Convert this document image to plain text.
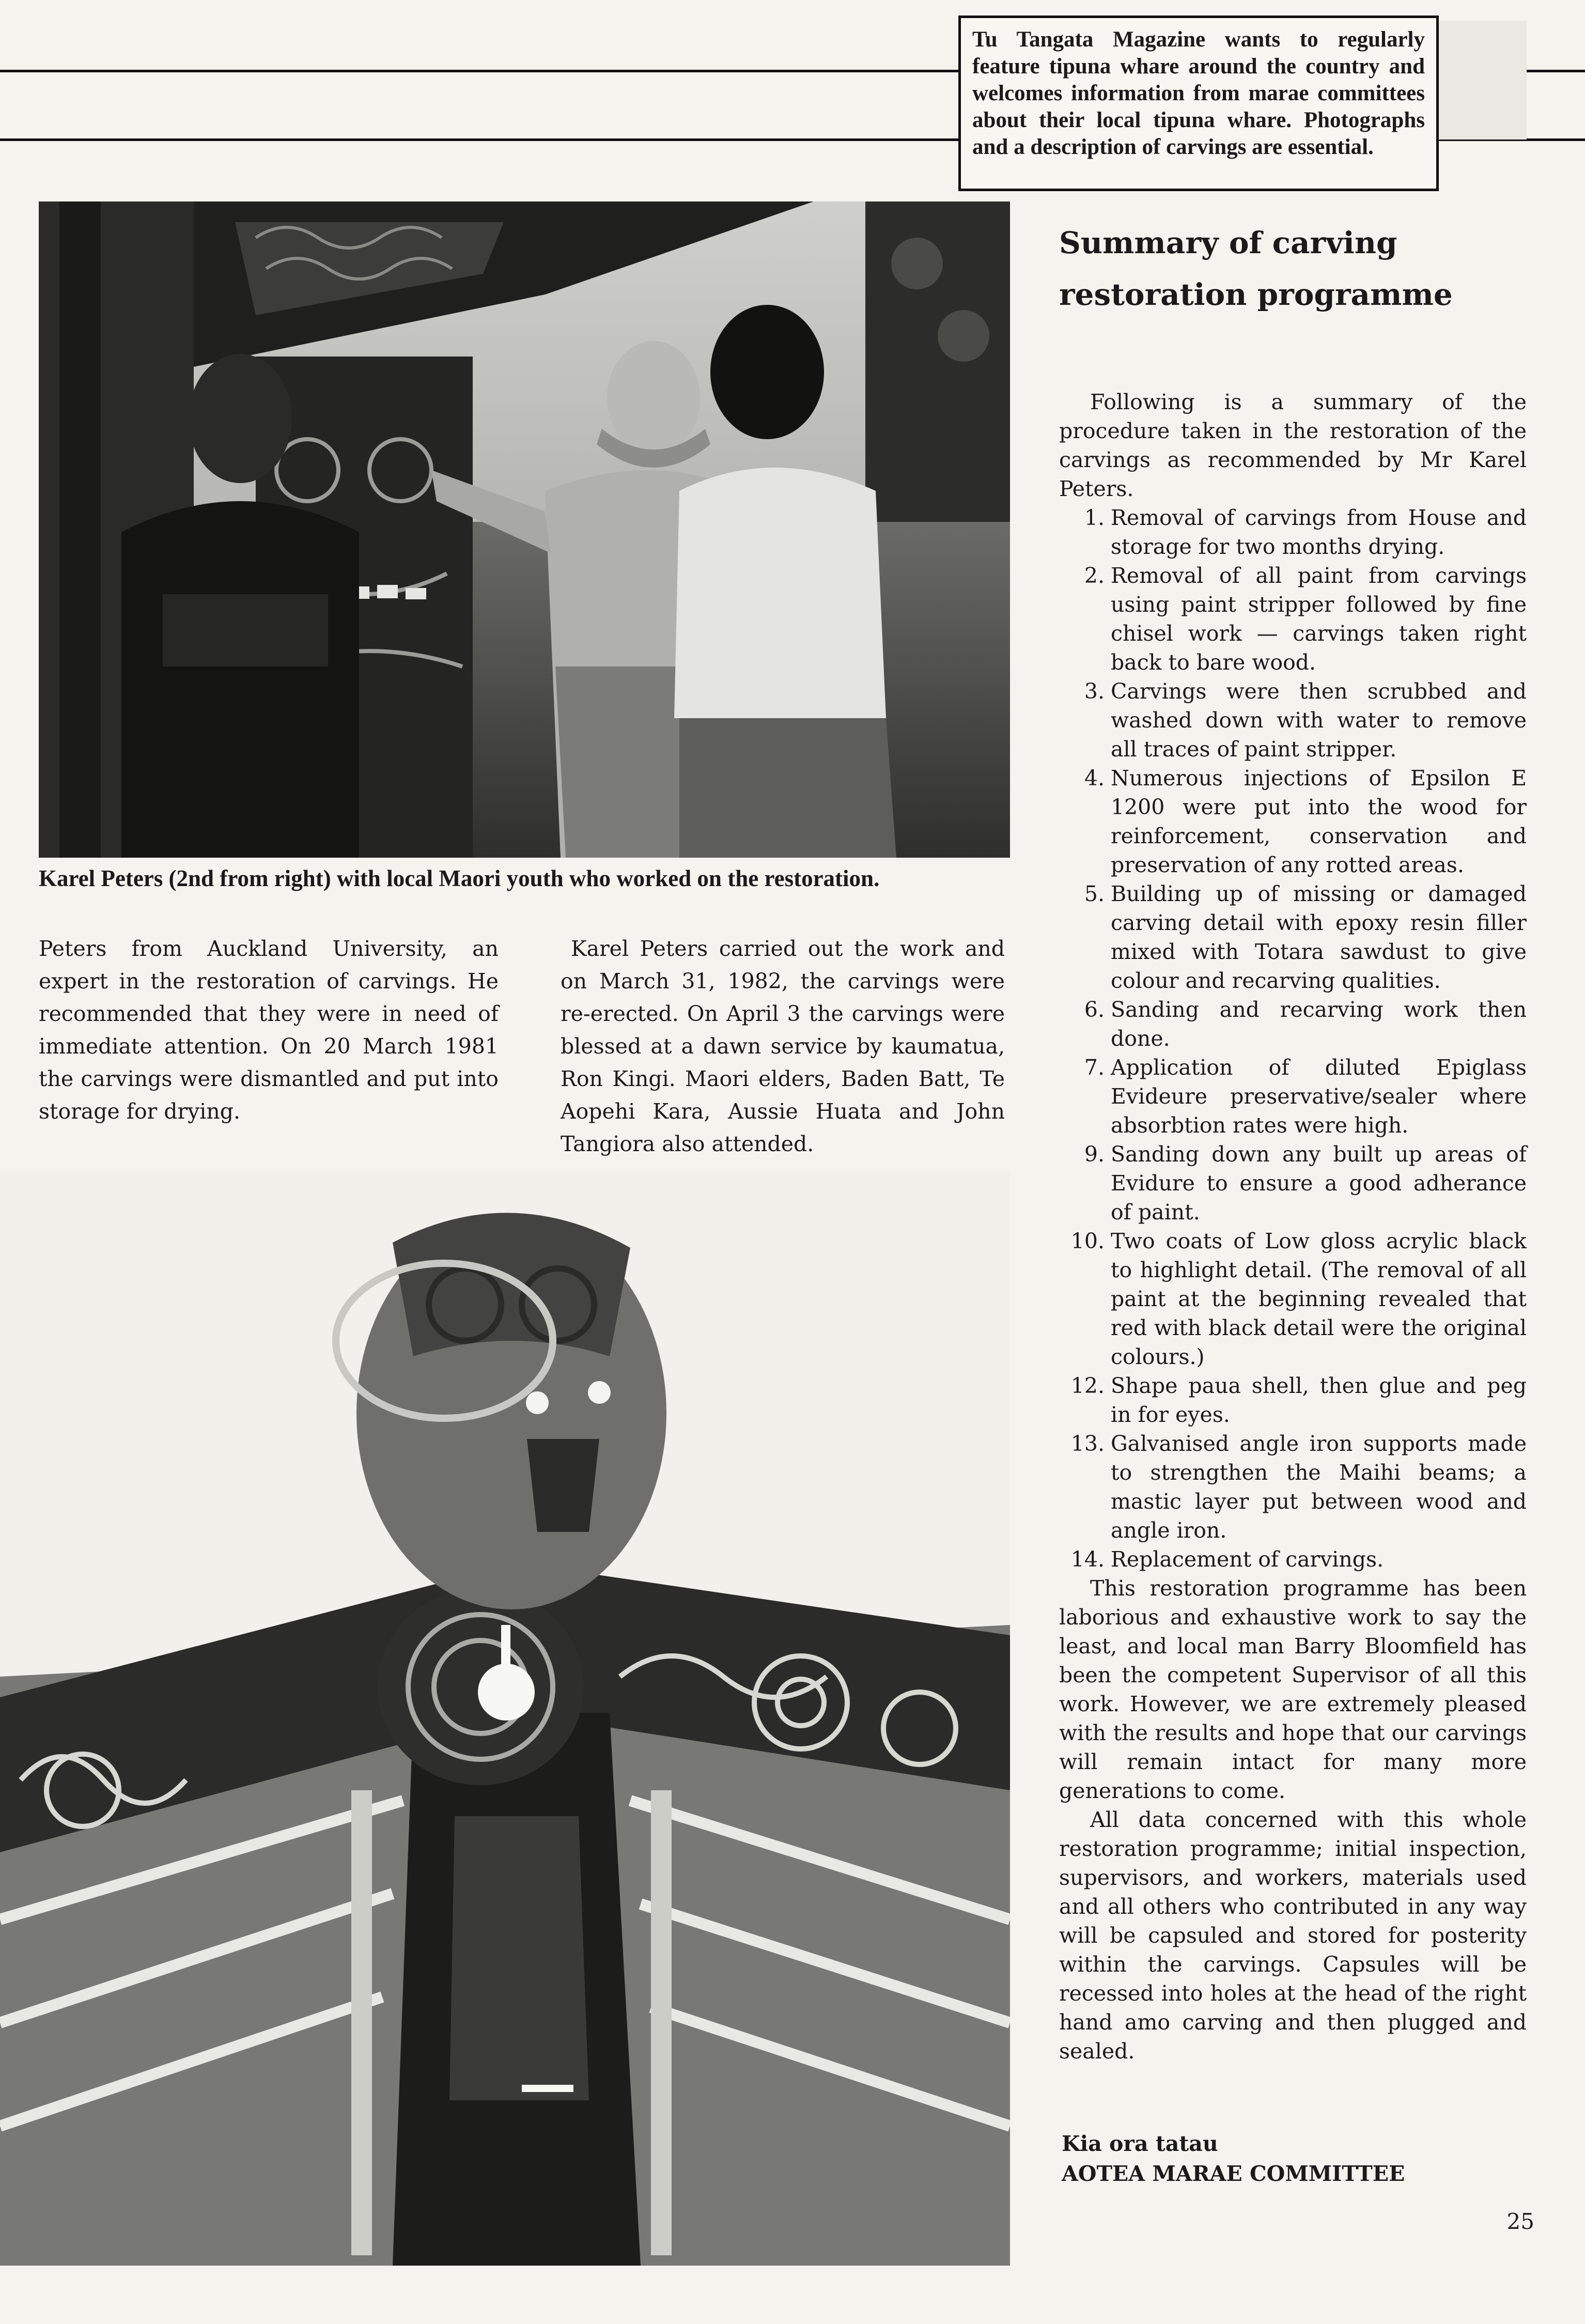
Tu Tangata Magazine wants to regularly feature tipuna whare around the country and welcomes information from marae committees about their local tipuna whare. Photographs and a description of carvings are essential.
Karel Peters (2nd from right) with local Maori youth who worked on the restoration.

Peters from Auckland University, an expert in the restoration of carvings. He recommended that they were in need of immediate attention. On 20 March 1981 the carvings were dismantled and put into storage for drying.

Karel Peters carried out the work and on March 31, 1982, the carvings were re-erected. On April 3 the carvings were blessed at a dawn service by kaumatua, Ron Kingi. Maori elders, Baden Batt, Te Aopehi Kara, Aussie Huata and John Tangiora also attended.

Summary of carving restoration programme

Following is a summary of the procedure taken in the restoration of the carvings as recommended by Mr Karel Peters.

1. Removal of carvings from House and storage for two months drying.
2. Removal of all paint from carvings using paint stripper followed by fine chisel work — carvings taken right back to bare wood.
3. Carvings were then scrubbed and washed down with water to remove all traces of paint stripper.
4. Numerous injections of Epsilon E 1200 were put into the wood for reinforcement, conservation and preservation of any rotted areas.
5. Building up of missing or damaged carving detail with epoxy resin filler mixed with Totara sawdust to give colour and recarving qualities.
6. Sanding and recarving work then done.
7. Application of diluted Epiglass Evideure preservative/sealer where absorbtion rates were high.
9. Sanding down any built up areas of Evidure to ensure a good adherance of paint.
10. Two coats of Low gloss acrylic black to highlight detail. (The removal of all paint at the beginning revealed that red with black detail were the original colours.)
12. Shape paua shell, then glue and peg in for eyes.
13. Galvanised angle iron supports made to strengthen the Maihi beams; a mastic layer put between wood and angle iron.
14. Replacement of carvings.

This restoration programme has been laborious and exhaustive work to say the least, and local man Barry Bloomfield has been the competent Supervisor of all this work. However, we are extremely pleased with the results and hope that our carvings will remain intact for many more generations to come.

All data concerned with this whole restoration programme; initial inspection, supervisors, and workers, materials used and all others who contributed in any way will be capsuled and stored for posterity within the carvings. Capsules will be recessed into holes at the head of the right hand amo carving and then plugged and sealed.

Kia ora tatau
AOTEA MARAE COMMITTEE
25
